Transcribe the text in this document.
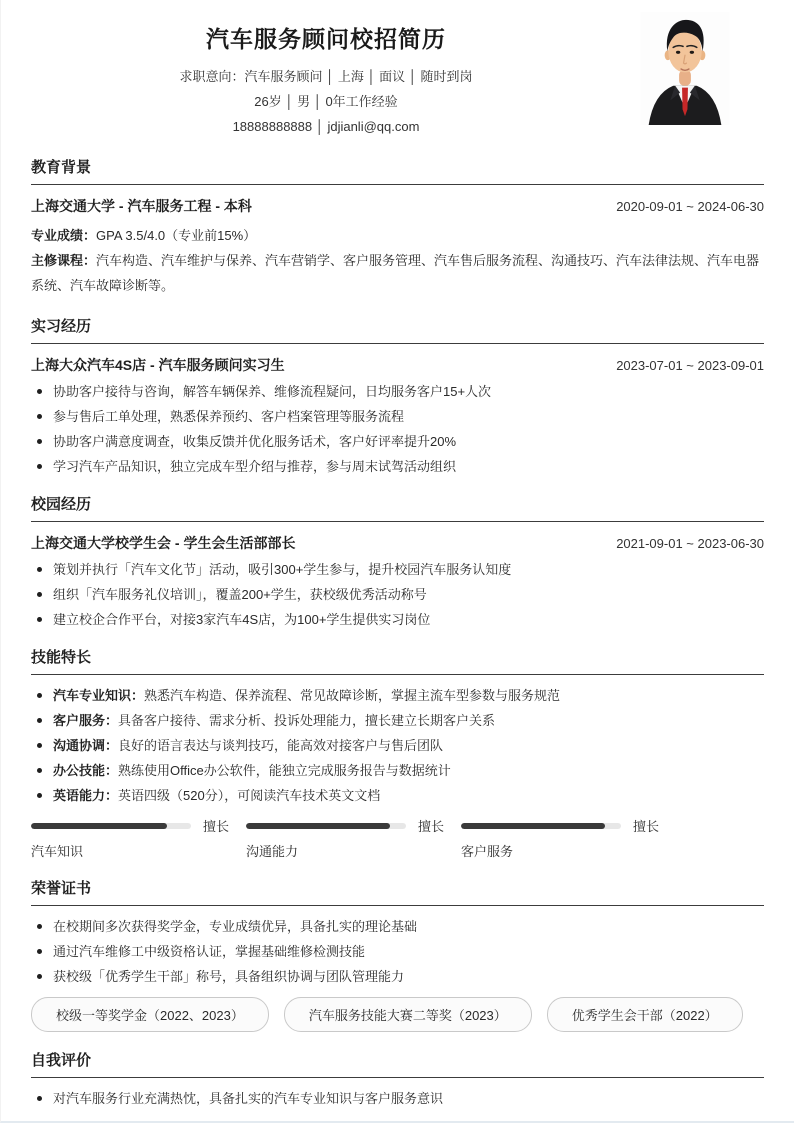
汽车服务顾问校招简历
求职意向：汽车服务顾问 │ 上海 │ 面议 │ 随时到岗
26岁 │ 男 │ 0年工作经验
18888888888 │ jdjianli@qq.com
教育背景
上海交通大学 - 汽车服务工程 - 本科	2020-09-01 ~ 2024-06-30
专业成绩：GPA 3.5/4.0（专业前15%）
主修课程：汽车构造、汽车维护与保养、汽车营销学、客户服务管理、汽车售后服务流程、沟通技巧、汽车法律法规、汽车电器系统、汽车故障诊断等。
实习经历
上海大众汽车4S店 - 汽车服务顾问实习生	2023-07-01 ~ 2023-09-01
协助客户接待与咨询，解答车辆保养、维修流程疑问，日均服务客户15+人次
参与售后工单处理，熟悉保养预约、客户档案管理等服务流程
协助客户满意度调查，收集反馈并优化服务话术，客户好评率提升20%
学习汽车产品知识，独立完成车型介绍与推荐，参与周末试驾活动组织
校园经历
上海交通大学校学生会 - 学生会生活部部长	2021-09-01 ~ 2023-06-30
策划并执行「汽车文化节」活动，吸引300+学生参与，提升校园汽车服务认知度
组织「汽车服务礼仪培训」，覆盖200+学生，获校级优秀活动称号
建立校企合作平台，对接3家汽车4S店，为100+学生提供实习岗位
技能特长
汽车专业知识：熟悉汽车构造、保养流程、常见故障诊断，掌握主流车型参数与服务规范
客户服务：具备客户接待、需求分析、投诉处理能力，擅长建立长期客户关系
沟通协调：良好的语言表达与谈判技巧，能高效对接客户与售后团队
办公技能：熟练使用Office办公软件，能独立完成服务报告与数据统计
英语能力：英语四级（520分），可阅读汽车技术英文文档
擅长
汽车知识
擅长
沟通能力
擅长
客户服务
荣誉证书
在校期间多次获得奖学金，专业成绩优异，具备扎实的理论基础
通过汽车维修工中级资格认证，掌握基础维修检测技能
获校级「优秀学生干部」称号，具备组织协调与团队管理能力
校级一等奖学金（2022、2023）	汽车服务技能大赛二等奖（2023）	优秀学生会干部（2022）
自我评价
对汽车服务行业充满热忱，具备扎实的汽车专业知识与客户服务意识
